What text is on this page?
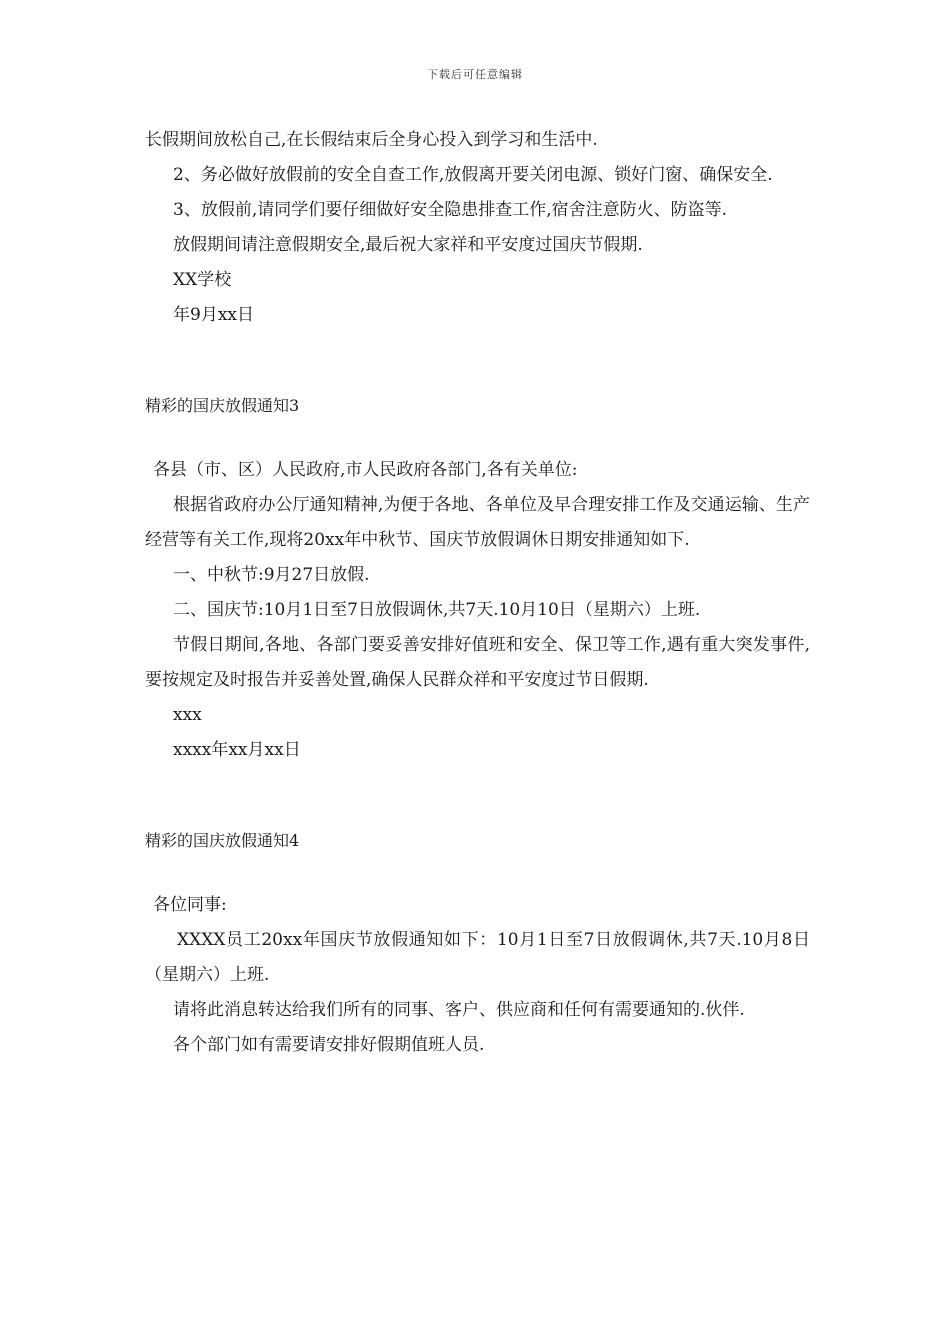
下载后可任意编辑

长假期间放松自己,在长假结束后全身心投入到学习和生活中.

2、务必做好放假前的安全自查工作,放假离开要关闭电源、锁好门窗、确保安全.

3、放假前,请同学们要仔细做好安全隐患排查工作,宿舍注意防火、防盗等.

放假期间请注意假期安全,最后祝大家祥和平安度过国庆节假期.

XX学校

年9月xx日

精彩的国庆放假通知3

各县（市、区）人民政府,市人民政府各部门,各有关单位:

根据省政府办公厅通知精神,为便于各地、各单位及早合理安排工作及交通运输、生产经营等有关工作,现将20xx年中秋节、国庆节放假调休日期安排通知如下.

一、中秋节:9月27日放假.

二、国庆节:10月1日至7日放假调休,共7天.10月10日（星期六）上班.

节假日期间,各地、各部门要妥善安排好值班和安全、保卫等工作,遇有重大突发事件,要按规定及时报告并妥善处置,确保人民群众祥和平安度过节日假期.

xxx

xxxx年xx月xx日

精彩的国庆放假通知4

各位同事:

XXXX员工20xx年国庆节放假通知如下：10月1日至7日放假调休,共7天.10月8日（星期六）上班.

请将此消息转达给我们所有的同事、客户、供应商和任何有需要通知的.伙伴.

各个部门如有需要请安排好假期值班人员.
